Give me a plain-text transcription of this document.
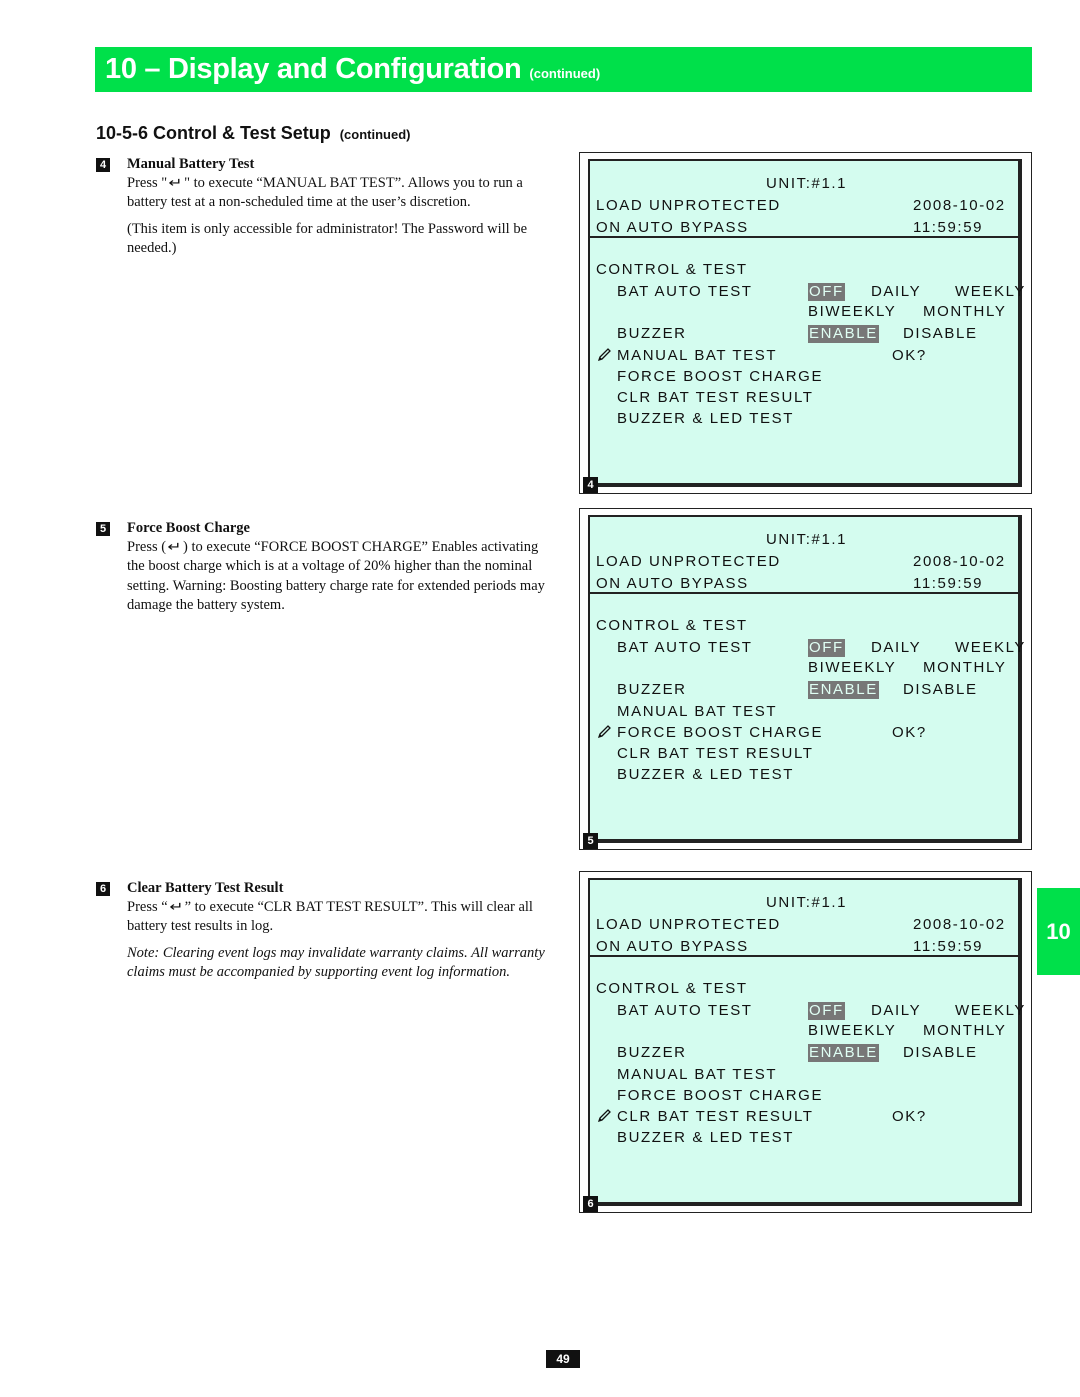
10 – Display and Configuration (continued)
10-5-6 Control & Test Setup (continued)
4 Manual Battery Test

Press "↵" to execute “MANUAL BAT TEST”. Allows you to run a battery test at a non-scheduled time at the user’s discretion.

(This item is only accessible for administrator! The Password will be needed.)

5 Force Boost Charge

Press (↵) to execute “FORCE BOOST CHARGE” Enables activating the boost charge which is at a voltage of 20% higher than the nominal setting. Warning: Boosting battery charge rate for extended periods may damage the battery system.

6 Clear Battery Test Result

Press “↵” to execute “CLR BAT TEST RESULT”. This will clear all battery test results in log.

Note: Clearing event logs may invalidate warranty claims. All warranty claims must be accompanied by supporting event log information.

UNIT:#1.1
LOAD UNPROTECTED	2008-10-02
ON AUTO BYPASS	11:59:59
CONTROL & TEST
BAT AUTO TEST	OFF DAILY WEEKLY
BIWEEKLY MONTHLY
BUZZER	ENABLE DISABLE
MANUAL BAT TEST	OK?
FORCE BOOST CHARGE
CLR BAT TEST RESULT
BUZZER & LED TEST
4
UNIT:#1.1
LOAD UNPROTECTED	2008-10-02
ON AUTO BYPASS	11:59:59
CONTROL & TEST
BAT AUTO TEST	OFF DAILY WEEKLY
BIWEEKLY MONTHLY
BUZZER	ENABLE DISABLE
MANUAL BAT TEST
FORCE BOOST CHARGE	OK?
CLR BAT TEST RESULT
BUZZER & LED TEST
5
UNIT:#1.1
LOAD UNPROTECTED	2008-10-02
ON AUTO BYPASS	11:59:59
CONTROL & TEST
BAT AUTO TEST	OFF DAILY WEEKLY
BIWEEKLY MONTHLY
BUZZER	ENABLE DISABLE
MANUAL BAT TEST
FORCE BOOST CHARGE
CLR BAT TEST RESULT	OK?
BUZZER & LED TEST
6
10
49
